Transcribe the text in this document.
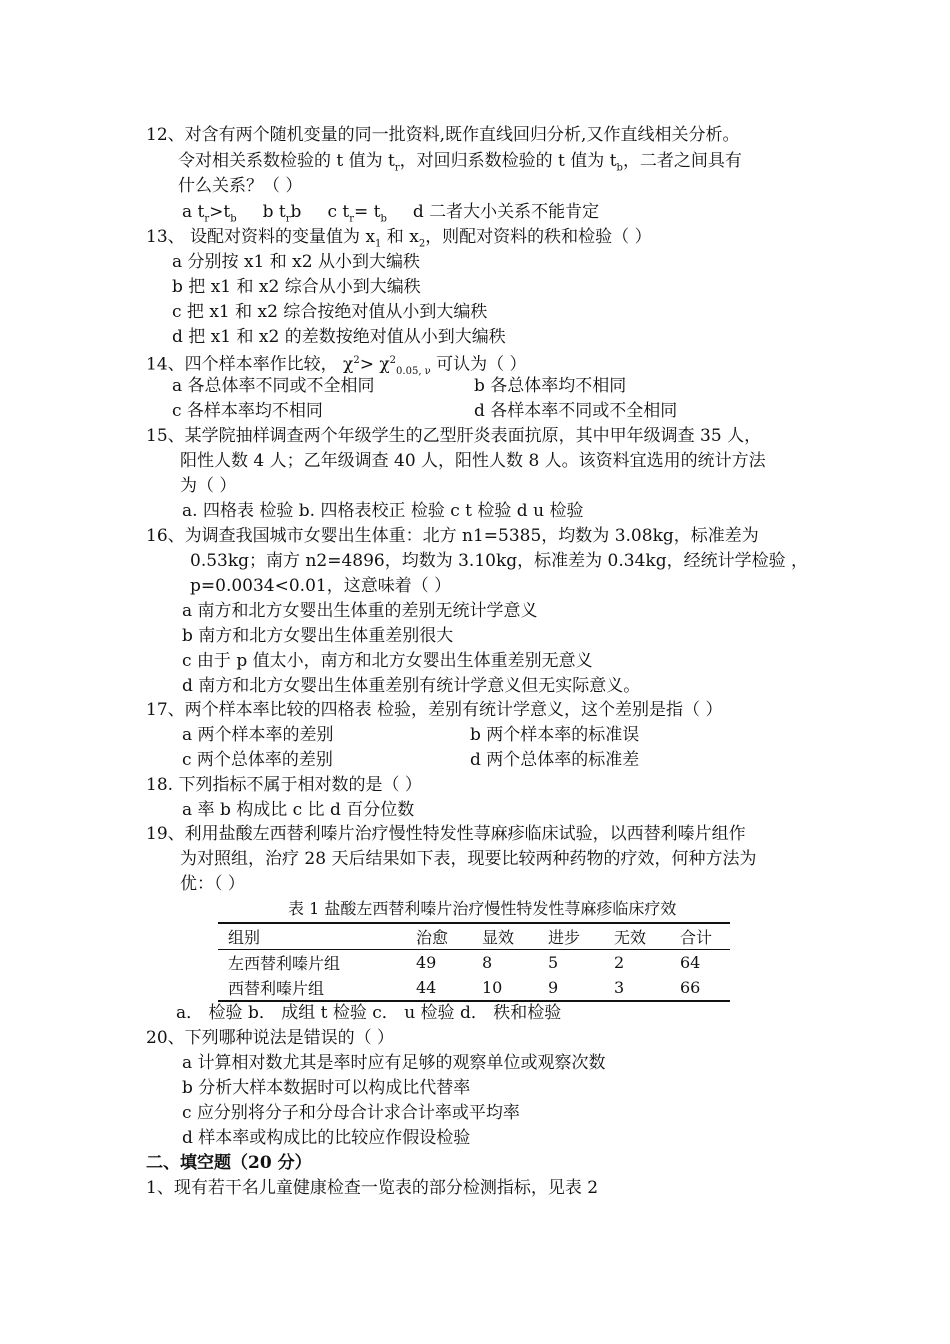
12、对含有两个随机变量的同一批资料,既作直线回归分析,又作直线相关分析。
令对相关系数检验的 t 值为 $t_r$，对回归系数检验的 t 值为 $t_b$，二者之间具有
什么关系？（ ）
a $t_r>t_b$ b $t_rb$ c $t_r= t_b$ d 二者大小关系不能肯定
13、 设配对资料的变量值为 $x_1$ 和 $x_2$，则配对资料的秩和检验（ ）
a 分别按 x1 和 x2 从小到大编秩
b 把 x1 和 x2 综合从小到大编秩
c 把 x1 和 x2 综合按绝对值从小到大编秩
d 把 x1 和 x2 的差数按绝对值从小到大编秩
14、四个样本率作比较， $\chi^2> \chi^2_{0.05, \nu}$ 可认为（ ）
a 各总体率不同或不全相同	b 各总体率均不相同
c 各样本率均不相同	d 各样本率不同或不全相同
15、某学院抽样调查两个年级学生的乙型肝炎表面抗原，其中甲年级调查 35 人，
阳性人数 4 人；乙年级调查 40 人，阳性人数 8 人。该资料宜选用的统计方法
为（ ）
a. 四格表 检验 b. 四格表校正 检验 c t 检验 d u 检验
16、为调查我国城市女婴出生体重：北方 n1=5385，均数为 3.08kg，标准差为
0.53kg；南方 n2=4896，均数为 3.10kg，标准差为 0.34kg，经统计学检验 ，
p=0.0034<0.01，这意味着（ ）
a 南方和北方女婴出生体重的差别无统计学意义
b 南方和北方女婴出生体重差别很大
c 由于 p 值太小，南方和北方女婴出生体重差别无意义
d 南方和北方女婴出生体重差别有统计学意义但无实际意义。
17、两个样本率比较的四格表 检验，差别有统计学意义，这个差别是指（ ）
a 两个样本率的差别	b 两个样本率的标准误
c 两个总体率的差别	d 两个总体率的标准差
18. 下列指标不属于相对数的是（ ）
a 率 b 构成比 c 比 d 百分位数
19、利用盐酸左西替利嗪片治疗慢性特发性荨麻疹临床试验，以西替利嗪片组作
为对照组，治疗 28 天后结果如下表，现要比较两种药物的疗效，何种方法为
优：（ ）
表 1 盐酸左西替利嗪片治疗慢性特发性荨麻疹临床疗效
组别	治愈	显效	进步	无效	合计
左西替利嗪片组	49	8	5	2	64
西替利嗪片组	44	10	9	3	66
a． 检验 b． 成组 t 检验 c． u 检验 d． 秩和检验
20、下列哪种说法是错误的（ ）
a 计算相对数尤其是率时应有足够的观察单位或观察次数
b 分析大样本数据时可以构成比代替率
c 应分别将分子和分母合计求合计率或平均率
d 样本率或构成比的比较应作假设检验
二、填空题（20 分）
1、现有若干名儿童健康检查一览表的部分检测指标，见表 2
